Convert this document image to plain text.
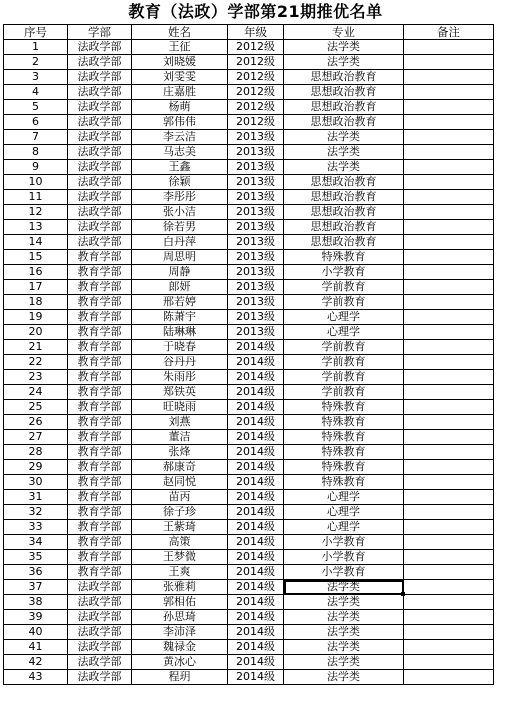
教育（法政）学部第21期推优名单
序号	学部	姓名	年级	专业	备注
1	法政学部	王征	2012级	法学类	
2	法政学部	刘晓媛	2012级	法学类	
3	法政学部	刘雯雯	2012级	思想政治教育	
4	法政学部	庄嘉胜	2012级	思想政治教育	
5	法政学部	杨萌	2012级	思想政治教育	
6	法政学部	郭伟伟	2012级	思想政治教育	
7	法政学部	李云洁	2013级	法学类	
8	法政学部	马志美	2013级	法学类	
9	法政学部	王鑫	2013级	法学类	
10	法政学部	徐颖	2013级	思想政治教育	
11	法政学部	李彤彤	2013级	思想政治教育	
12	法政学部	张小洁	2013级	思想政治教育	
13	法政学部	徐若男	2013级	思想政治教育	
14	法政学部	白丹萍	2013级	思想政治教育	
15	教育学部	周思明	2013级	特殊教育	
16	教育学部	周静	2013级	小学教育	
17	教育学部	郎妍	2013级	学前教育	
18	教育学部	邢若婷	2013级	学前教育	
19	教育学部	陈萧宇	2013级	心理学	
20	教育学部	陆琳琳	2013级	心理学	
21	教育学部	于晓春	2014级	学前教育	
22	教育学部	谷丹丹	2014级	学前教育	
23	教育学部	朱雨彤	2014级	学前教育	
24	教育学部	郑铁英	2014级	学前教育	
25	教育学部	旺晓雨	2014级	特殊教育	
26	教育学部	刘燕	2014级	特殊教育	
27	教育学部	董洁	2014级	特殊教育	
28	教育学部	张烽	2014级	特殊教育	
29	教育学部	郝康奇	2014级	特殊教育	
30	教育学部	赵同悦	2014级	特殊教育	
31	教育学部	苗丙	2014级	心理学	
32	教育学部	徐子珍	2014级	心理学	
33	教育学部	王紫琦	2014级	心理学	
34	教育学部	高策	2014级	小学教育	
35	教育学部	王梦微	2014级	小学教育	
36	教育学部	王爽	2014级	小学教育	
37	法政学部	张雅莉	2014级	法学类	
38	法政学部	郭相佑	2014级	法学类	
39	法政学部	孙思琦	2014级	法学类	
40	法政学部	李沛泽	2014级	法学类	
41	法政学部	魏禄金	2014级	法学类	
42	法政学部	黄冰心	2014级	法学类	
43	法政学部	程玥	2014级	法学类	
